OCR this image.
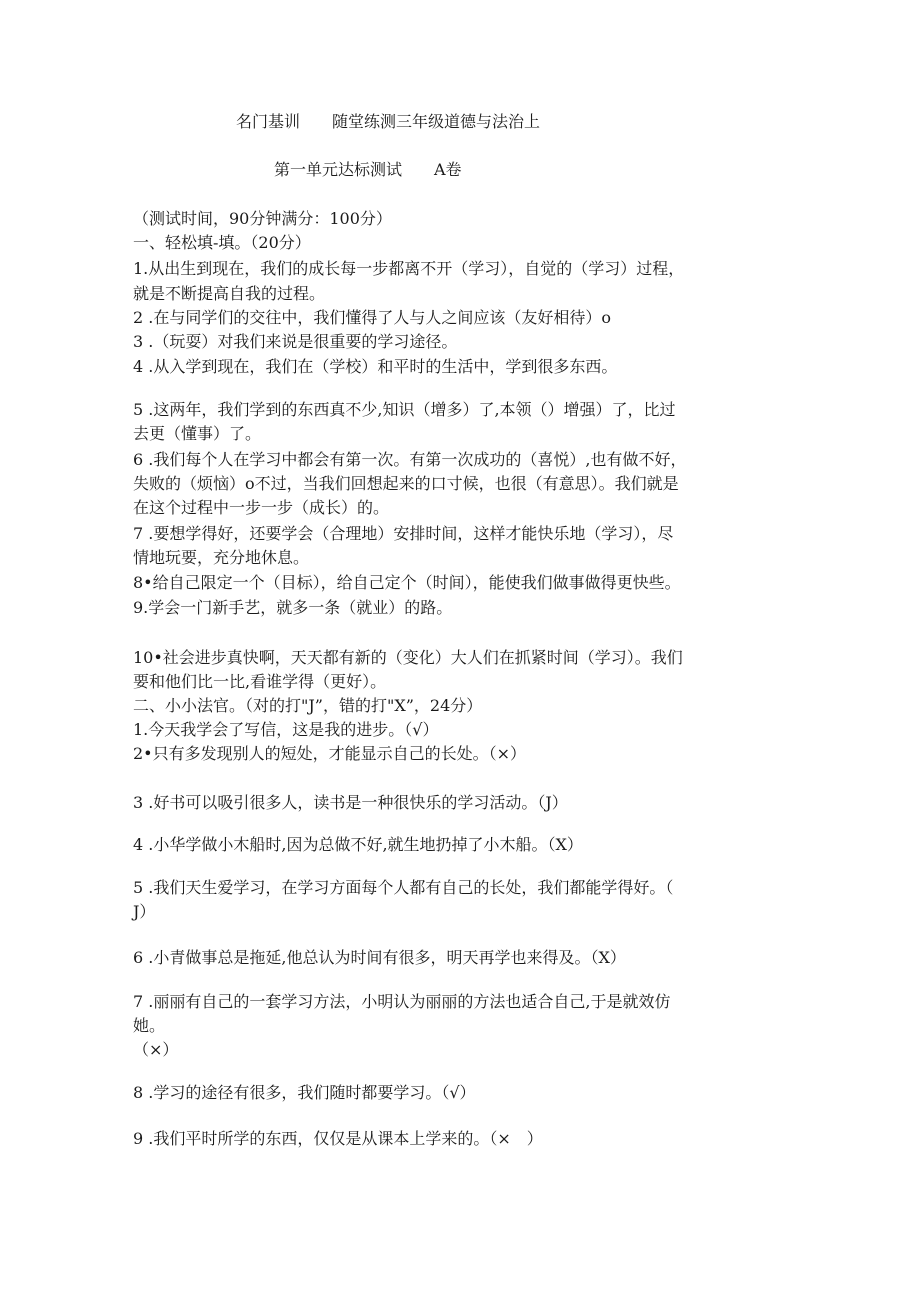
名门基训　　随堂练测三年级道德与法治上

第一单元达标测试　　A卷

（测试时间，90分钟满分：100分）

一、轻松填-填。（20分）

1.从出生到现在，我们的成长每一步都离不开（学习），自觉的（学习）过程，

就是不断提高自我的过程。

2 .在与同学们的交往中，我们懂得了人与人之间应该（友好相待）o

3 .（玩耍）对我们来说是很重要的学习途径。

4 .从入学到现在，我们在（学校）和平时的生活中，学到很多东西。

5 .这两年，我们学到的东西真不少,知识（增多）了,本领（）增强）了，比过

去更（懂事）了。

6 .我们每个人在学习中都会有第一次。有第一次成功的（喜悦）,也有做不好，

失败的（烦恼）o不过，当我们回想起来的口寸候，也很（有意思）。我们就是

在这个过程中一步一步（成长）的。

7 .要想学得好，还要学会（合理地）安排时间，这样才能快乐地（学习），尽

情地玩要，充分地休息。

8•给自己限定一个（目标），给自己定个（时间），能使我们做事做得更快些。

9.学会一门新手艺，就多一条（就业）的路。

10•社会进步真快啊，天天都有新的（变化）大人们在抓紧时间（学习）。我们

要和他们比一比,看谁学得（更好）。

二、小小法官。（对的打"J”，错的打"X”，24分）

1.今天我学会了写信，这是我的进步。（√）

2•只有多发现别人的短处，才能显示自己的长处。（×）

3 .好书可以吸引很多人，读书是一种很快乐的学习活动。（J）

4 .小华学做小木船时,因为总做不好,就生地扔掉了小木船。（X）

5 .我们天生爱学习，在学习方面每个人都有自己的长处，我们都能学得好。（

J）

6 .小青做事总是拖延,他总认为时间有很多，明天再学也来得及。（X）

7 .丽丽有自己的一套学习方法，小明认为丽丽的方法也适合自己,于是就效仿

她。

（×）

8 .学习的途径有很多，我们随时都要学习。（√）

9 .我们平时所学的东西，仅仅是从课本上学来的。（×　）
